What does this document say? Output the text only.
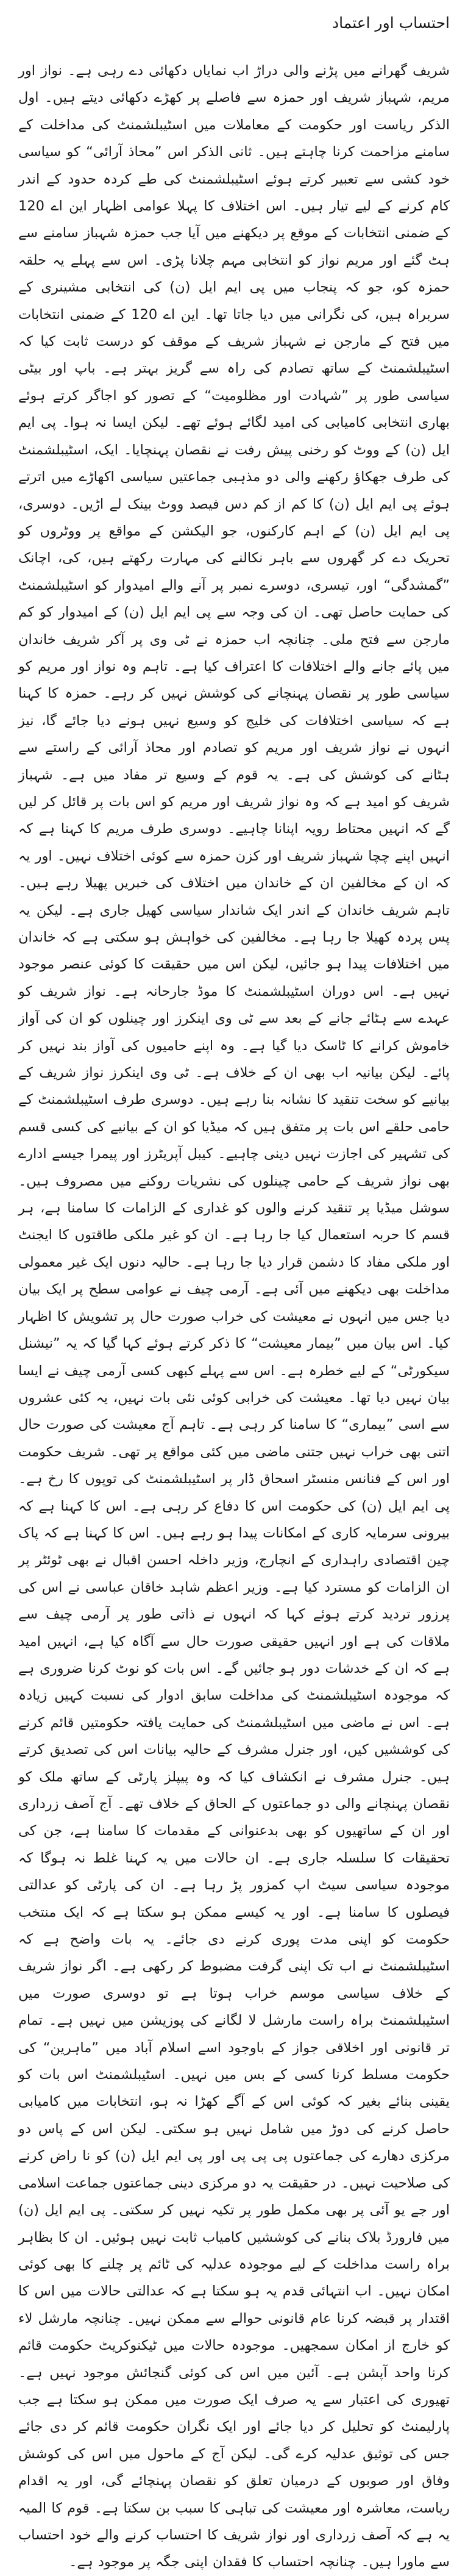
احتساب اور اعتماد

شریف گھرانے میں پڑنے والی دراڑ اب نمایاں دکھائی دے رہی ہے۔ نواز اور مریم، شہباز شریف اور حمزہ سے فاصلے پر کھڑے دکھائی دیتے ہیں۔ اول الذکر ریاست اور حکومت کے معاملات میں اسٹیبلشمنٹ کی مداخلت کے سامنے مزاحمت کرنا چاہتے ہیں۔ ثانی الذکر اس ”محاذ آرائی“ کو سیاسی خود کشی سے تعبیر کرتے ہوئے اسٹیبلشمنٹ کی طے کردہ حدود کے اندر کام کرنے کے لیے تیار ہیں۔ اس اختلاف کا پہلا عوامی اظہار این اے 120 کے ضمنی انتخابات کے موقع پر دیکھنے میں آیا جب حمزہ شہباز سامنے سے ہٹ گئے اور مریم نواز کو انتخابی مہم چلانا پڑی۔ اس سے پہلے یہ حلقہ حمزہ کو، جو کہ پنجاب میں پی ایم ایل (ن) کی انتخابی مشینری کے سربراہ ہیں، کی نگرانی میں دیا جاتا تھا۔ این اے 120 کے ضمنی انتخابات میں فتح کے مارجن نے شہباز شریف کے موقف کو درست ثابت کیا کہ اسٹیبلشمنٹ کے ساتھ تصادم کی راہ سے گریز بہتر ہے۔ باپ اور بیٹی سیاسی طور پر ”شہادت اور مظلومیت“ کے تصور کو اجاگر کرتے ہوئے بھاری انتخابی کامیابی کی امید لگائے ہوئے تھے۔ لیکن ایسا نہ ہوا۔ پی ایم ایل (ن) کے ووٹ کو رخنی پیش رفت نے نقصان پہنچایا۔ ایک، اسٹیبلشمنٹ کی طرف جھکاؤ رکھنے والی دو مذہبی جماعتیں سیاسی اکھاڑے میں اترتے ہوئے پی ایم ایل (ن) کا کم از کم دس فیصد ووٹ بینک لے اڑیں۔ دوسری، پی ایم ایل (ن) کے اہم کارکنوں، جو الیکشن کے مواقع پر ووٹروں کو تحریک دے کر گھروں سے باہر نکالنے کی مہارت رکھتے ہیں، کی، اچانک ”گمشدگی“ اور، تیسری، دوسرے نمبر پر آنے والے امیدوار کو اسٹیبلشمنٹ کی حمایت حاصل تھی۔ ان کی وجہ سے پی ایم ایل (ن) کے امیدوار کو کم مارجن سے فتح ملی۔ چنانچہ اب حمزہ نے ٹی وی پر آکر شریف خاندان میں پائے جانے والے اختلافات کا اعتراف کیا ہے۔ تاہم وہ نواز اور مریم کو سیاسی طور پر نقصان پہنچانے کی کوشش نہیں کر رہے۔ حمزہ کا کہنا ہے کہ سیاسی اختلافات کی خلیج کو وسیع نہیں ہونے دیا جائے گا، نیز انہوں نے نواز شریف اور مریم کو تصادم اور محاذ آرائی کے راستے سے ہٹانے کی کوشش کی ہے۔ یہ قوم کے وسیع تر مفاد میں ہے۔ شہباز شریف کو امید ہے کہ وہ نواز شریف اور مریم کو اس بات پر قائل کر لیں گے کہ انہیں محتاط رویہ اپنانا چاہیے۔ دوسری طرف مریم کا کہنا ہے کہ انہیں اپنے چچا شہباز شریف اور کزن حمزہ سے کوئی اختلاف نہیں۔ اور یہ کہ ان کے مخالفین ان کے خاندان میں اختلاف کی خبریں پھیلا رہے ہیں۔ تاہم شریف خاندان کے اندر ایک شاندار سیاسی کھیل جاری ہے۔ لیکن یہ پس پردہ کھیلا جا رہا ہے۔ مخالفین کی خواہش ہو سکتی ہے کہ خاندان میں اختلافات پیدا ہو جائیں، لیکن اس میں حقیقت کا کوئی عنصر موجود نہیں ہے۔ اس دوران اسٹیبلشمنٹ کا موڈ جارحانہ ہے۔ نواز شریف کو عہدے سے ہٹائے جانے کے بعد سے ٹی وی اینکرز اور چینلوں کو ان کی آواز خاموش کرانے کا ٹاسک دیا گیا ہے۔ وہ اپنے حامیوں کی آواز بند نہیں کر پائے۔ لیکن بیانیہ اب بھی ان کے خلاف ہے۔ ٹی وی اینکرز نواز شریف کے بیانیے کو سخت تنقید کا نشانہ بنا رہے ہیں۔ دوسری طرف اسٹیبلشمنٹ کے حامی حلقے اس بات پر متفق ہیں کہ میڈیا کو ان کے بیانیے کی کسی قسم کی تشہیر کی اجازت نہیں دینی چاہیے۔ کیبل آپریٹرز اور پیمرا جیسے ادارے بھی نواز شریف کے حامی چینلوں کی نشریات روکنے میں مصروف ہیں۔ سوشل میڈیا پر تنقید کرنے والوں کو غداری کے الزامات کا سامنا ہے، ہر قسم کا حربہ استعمال کیا جا رہا ہے۔ ان کو غیر ملکی طاقتوں کا ایجنٹ اور ملکی مفاد کا دشمن قرار دیا جا رہا ہے۔ حالیہ دنوں ایک غیر معمولی مداخلت بھی دیکھنے میں آئی ہے۔ آرمی چیف نے عوامی سطح پر ایک بیان دیا جس میں انہوں نے معیشت کی خراب صورت حال پر تشویش کا اظہار کیا۔ اس بیان میں ”بیمار معیشت“ کا ذکر کرتے ہوئے کہا گیا کہ یہ ”نیشنل سیکورٹی“ کے لیے خطرہ ہے۔ اس سے پہلے کبھی کسی آرمی چیف نے ایسا بیان نہیں دیا تھا۔ معیشت کی خرابی کوئی نئی بات نہیں، یہ کئی عشروں سے اسی ”بیماری“ کا سامنا کر رہی ہے۔ تاہم آج معیشت کی صورت حال اتنی بھی خراب نہیں جتنی ماضی میں کئی مواقع پر تھی۔ شریف حکومت اور اس کے فنانس منسٹر اسحاق ڈار پر اسٹیبلشمنٹ کی توپوں کا رخ ہے۔ پی ایم ایل (ن) کی حکومت اس کا دفاع کر رہی ہے۔ اس کا کہنا ہے کہ بیرونی سرمایہ کاری کے امکانات پیدا ہو رہے ہیں۔ اس کا کہنا ہے کہ پاک چین اقتصادی راہداری کے انچارج، وزیر داخلہ احسن اقبال نے بھی ٹوئٹر پر ان الزامات کو مسترد کیا ہے۔ وزیر اعظم شاہد خاقان عباسی نے اس کی پرزور تردید کرتے ہوئے کہا کہ انہوں نے ذاتی طور پر آرمی چیف سے ملاقات کی ہے اور انہیں حقیقی صورت حال سے آگاہ کیا ہے، انہیں امید ہے کہ ان کے خدشات دور ہو جائیں گے۔ اس بات کو نوٹ کرنا ضروری ہے کہ موجودہ اسٹیبلشمنٹ کی مداخلت سابق ادوار کی نسبت کہیں زیادہ ہے۔ اس نے ماضی میں اسٹیبلشمنٹ کی حمایت یافتہ حکومتیں قائم کرنے کی کوششیں کیں، اور جنرل مشرف کے حالیہ بیانات اس کی تصدیق کرتے ہیں۔ جنرل مشرف نے انکشاف کیا کہ وہ پیپلز پارٹی کے ساتھ ملک کو نقصان پہنچانے والی دو جماعتوں کے الحاق کے خلاف تھے۔ آج آصف زرداری اور ان کے ساتھیوں کو بھی بدعنوانی کے مقدمات کا سامنا ہے، جن کی تحقیقات کا سلسلہ جاری ہے۔ ان حالات میں یہ کہنا غلط نہ ہوگا کہ موجودہ سیاسی سیٹ اپ کمزور پڑ رہا ہے۔ ان کی پارٹی کو عدالتی فیصلوں کا سامنا ہے۔ اور یہ کیسے ممکن ہو سکتا ہے کہ ایک منتخب حکومت کو اپنی مدت پوری کرنے دی جائے۔ یہ بات واضح ہے کہ اسٹیبلشمنٹ نے اب تک اپنی گرفت مضبوط کر رکھی ہے۔ اگر نواز شریف کے خلاف سیاسی موسم خراب ہوتا ہے تو دوسری صورت میں اسٹیبلشمنٹ براہ راست مارشل لا لگانے کی پوزیشن میں نہیں ہے۔ تمام تر قانونی اور اخلاقی جواز کے باوجود اسے اسلام آباد میں ”ماہرین“ کی حکومت مسلط کرنا کسی کے بس میں نہیں۔ اسٹیبلشمنٹ اس بات کو یقینی بنائے بغیر کہ کوئی اس کے آگے کھڑا نہ ہو، انتخابات میں کامیابی حاصل کرنے کی دوڑ میں شامل نہیں ہو سکتی۔ لیکن اس کے پاس دو مرکزی دھارے کی جماعتوں پی پی پی اور پی ایم ایل (ن) کو نا راض کرنے کی صلاحیت نہیں۔ در حقیقت یہ دو مرکزی دینی جماعتوں جماعت اسلامی اور جے یو آئی پر بھی مکمل طور پر تکیہ نہیں کر سکتی۔ پی ایم ایل (ن) میں فارورڈ بلاک بنانے کی کوششیں کامیاب ثابت نہیں ہوئیں۔ ان کا بظاہر براہ راست مداخلت کے لیے موجودہ عدلیہ کی ٹائم پر چلنے کا بھی کوئی امکان نہیں۔ اب انتہائی قدم یہ ہو سکتا ہے کہ عدالتی حالات میں اس کا اقتدار پر قبضہ کرنا عام قانونی حوالے سے ممکن نہیں۔ چنانچہ مارشل لاء کو خارج از امکان سمجھیں۔ موجودہ حالات میں ٹیکنوکریٹ حکومت قائم کرنا واحد آپشن ہے۔ آئین میں اس کی کوئی گنجائش موجود نہیں ہے۔ تھیوری کی اعتبار سے یہ صرف ایک صورت میں ممکن ہو سکتا ہے جب پارلیمنٹ کو تحلیل کر دیا جائے اور ایک نگران حکومت قائم کر دی جائے جس کی توثیق عدلیہ کرے گی۔ لیکن آج کے ماحول میں اس کی کوشش وفاق اور صوبوں کے درمیان تعلق کو نقصان پہنچائے گی، اور یہ اقدام ریاست، معاشرہ اور معیشت کی تباہی کا سبب بن سکتا ہے۔ قوم کا المیہ یہ ہے کہ آصف زرداری اور نواز شریف کا احتساب کرنے والے خود احتساب سے ماورا ہیں۔ چنانچہ احتساب کا فقدان اپنی جگہ پر موجود ہے۔
